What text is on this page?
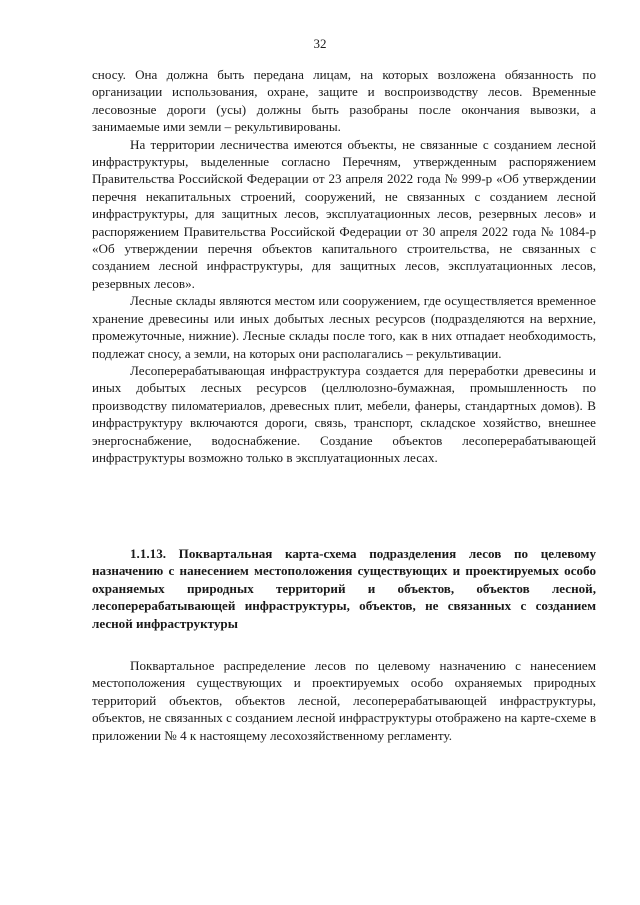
32

сносу. Она должна быть передана лицам, на которых возложена обязанность по организации использования, охране, защите и воспроизводству лесов. Временные лесовозные дороги (усы) должны быть разобраны после окончания вывозки, а занимаемые ими земли – рекультивированы.

На территории лесничества имеются объекты, не связанные с созданием лесной инфраструктуры, выделенные согласно Перечням, утвержденным распоряжением Правительства Российской Федерации от 23 апреля 2022 года № 999-р «Об утверждении перечня некапитальных строений, сооружений, не связанных с созданием лесной инфраструктуры, для защитных лесов, эксплуатационных лесов, резервных лесов» и распоряжением Правительства Российской Федерации от 30 апреля 2022 года № 1084-р «Об утверждении перечня объектов капитального строительства, не связанных с созданием лесной инфраструктуры, для защитных лесов, эксплуатационных лесов, резервных лесов».

Лесные склады являются местом или сооружением, где осуществляется временное хранение древесины или иных добытых лесных ресурсов (подразделяются на верхние, промежуточные, нижние). Лесные склады после того, как в них отпадает необходимость, подлежат сносу, а земли, на которых они располагались – рекультивации.

Лесоперерабатывающая инфраструктура создается для переработки древесины и иных добытых лесных ресурсов (целлюлозно-бумажная, промышленность по производству пиломатериалов, древесных плит, мебели, фанеры, стандартных домов). В инфраструктуру включаются дороги, связь, транспорт, складское хозяйство, внешнее энергоснабжение, водоснабжение. Создание объектов лесоперерабатывающей инфраструктуры возможно только в эксплуатационных лесах.

1.1.13. Поквартальная карта-схема подразделения лесов по целевому назначению с нанесением местоположения существующих и проектируемых особо охраняемых природных территорий и объектов, объектов лесной, лесоперерабатывающей инфраструктуры, объектов, не связанных с созданием лесной инфраструктуры
Поквартальное распределение лесов по целевому назначению с нанесением местоположения существующих и проектируемых особо охраняемых природных территорий объектов, объектов лесной, лесоперерабатывающей инфраструктуры, объектов, не связанных с созданием лесной инфраструктуры отображено на карте-схеме в приложении № 4 к настоящему лесохозяйственному регламенту.
